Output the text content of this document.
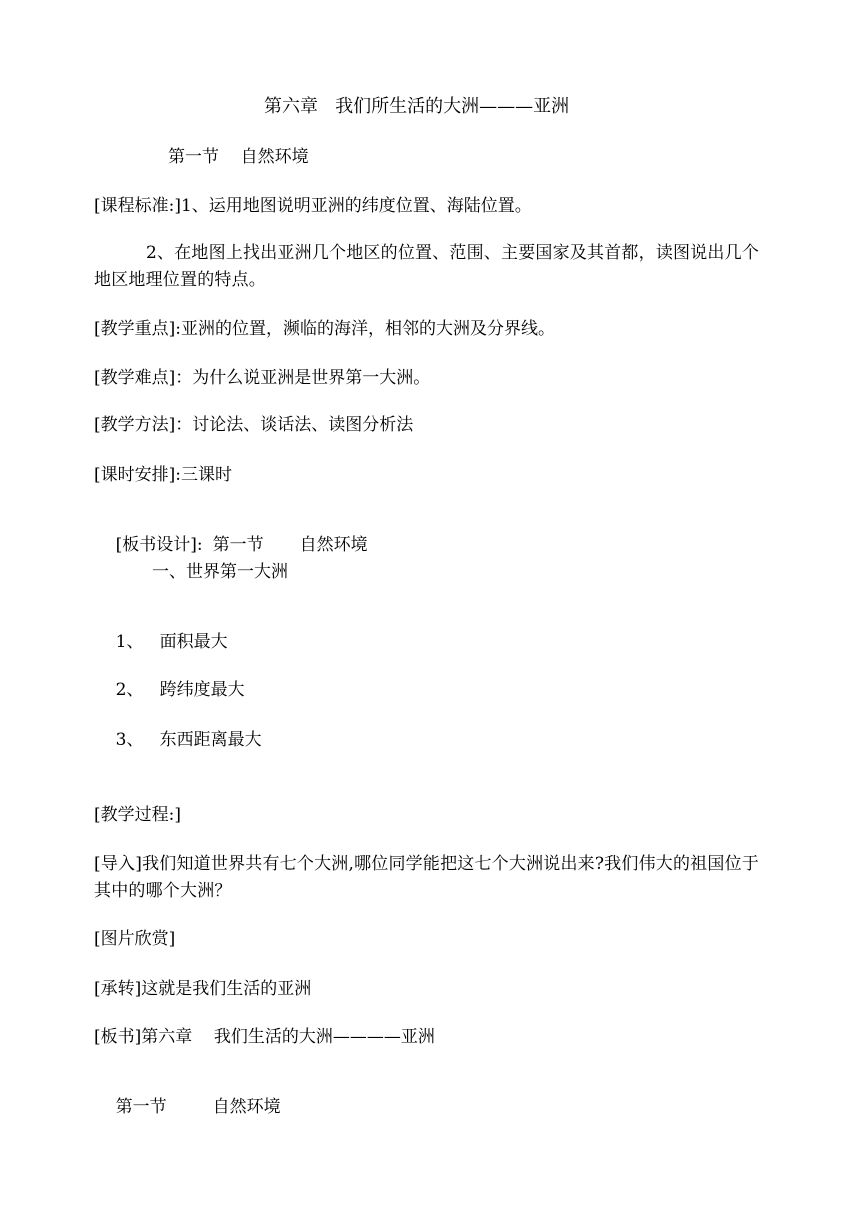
第六章   我们所生活的大洲———亚洲
第一节    自然环境
[课程标准:]1、运用地图说明亚洲的纬度位置、海陆位置。
2、在地图上找出亚洲几个地区的位置、范围、主要国家及其首都，读图说出几个地区地理位置的特点。
[教学重点]:亚洲的位置，濒临的海洋，相邻的大洲及分界线。
[教学难点]：为什么说亚洲是世界第一大洲。
[教学方法]：讨论法、谈话法、读图分析法
[课时安排]:三课时

[板书设计]: 第一节 自然环境

一、世界第一大洲

1、 面积最大

2、 跨纬度最大

3、 东西距离最大

[教学过程:]
[导入]我们知道世界共有七个大洲,哪位同学能把这七个大洲说出来?我们伟大的祖国位于其中的哪个大洲？
[图片欣赏]
[承转]这就是我们生活的亚洲
[板书]第六章    我们生活的大洲————亚洲

第一节	自然环境
